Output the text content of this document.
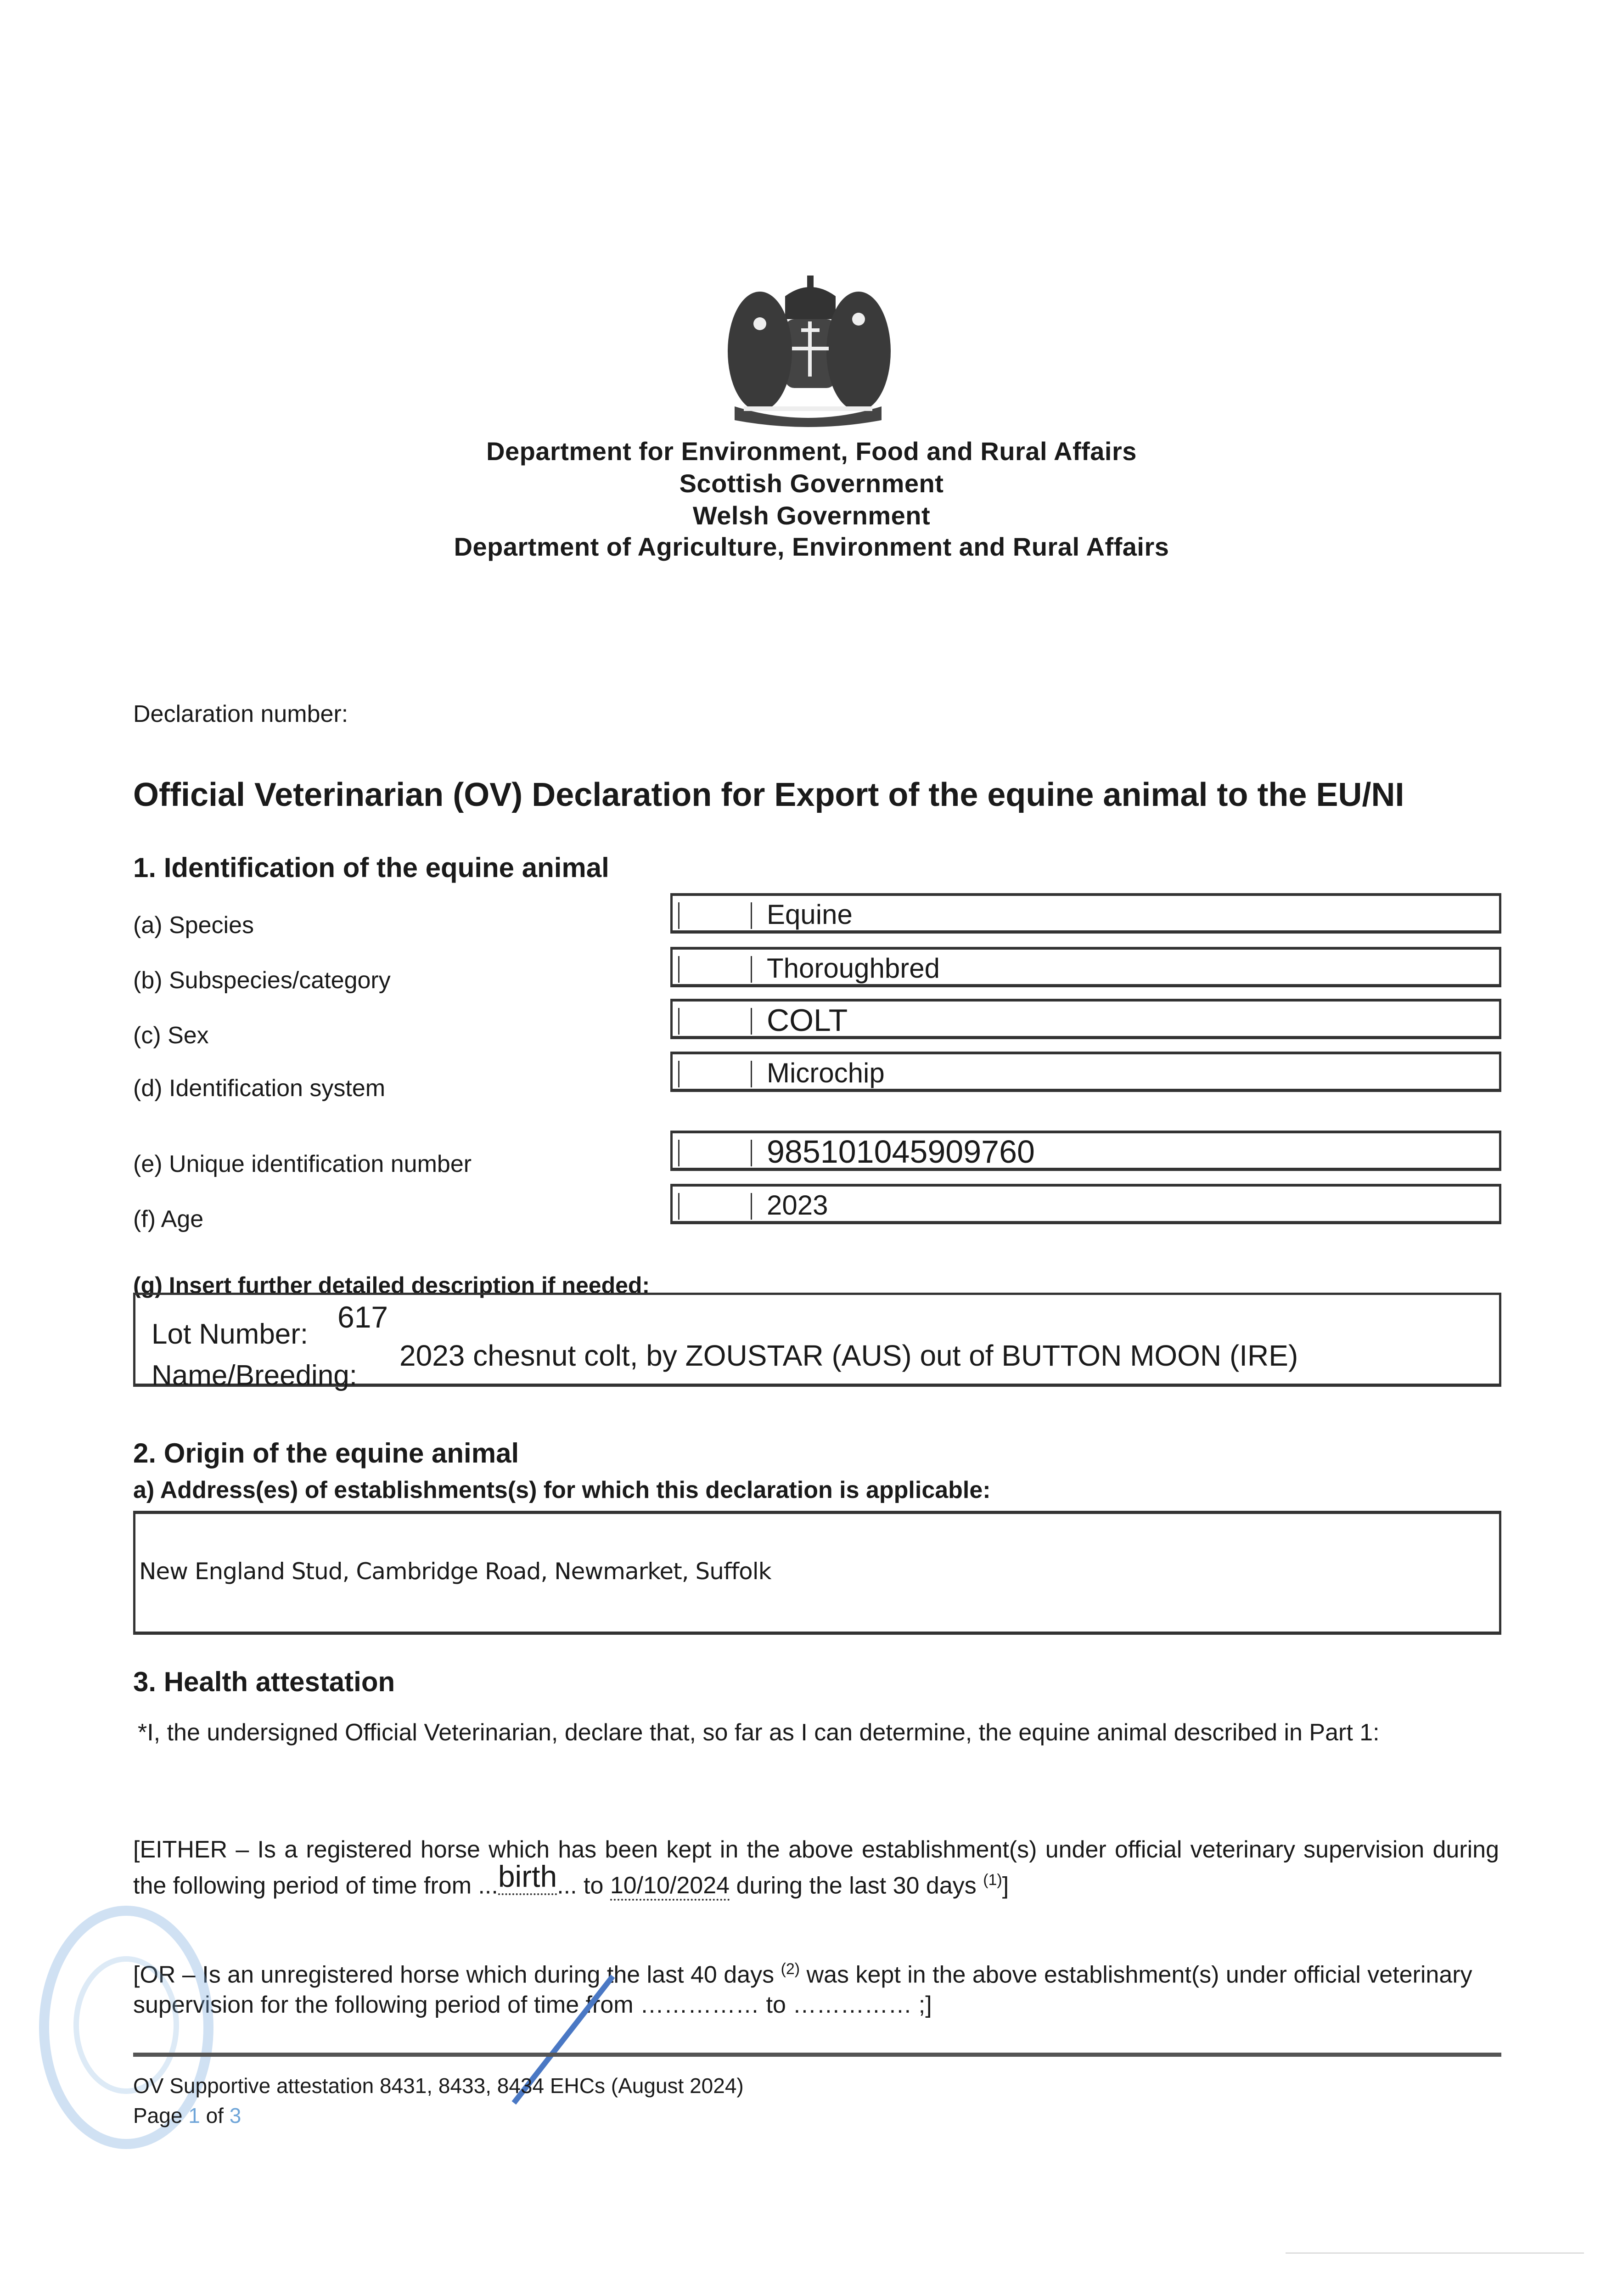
Department for Environment, Food and Rural Affairs
Scottish Government
Welsh Government
Department of Agriculture, Environment and Rural Affairs
Declaration number:
Official Veterinarian (OV) Declaration for Export of the equine animal to the EU/NI
1. Identification of the equine animal
(a) Species	Equine
(b) Subspecies/category	Thoroughbred
(c) Sex	COLT
(d) Identification system	Microchip
(e) Unique identification number	985101045909760
(f) Age	2023
(g) Insert further detailed description if needed:
Lot Number:
617
Name/Breeding:
2023 chesnut colt, by ZOUSTAR (AUS) out of BUTTON MOON (IRE)
2. Origin of the equine animal
a) Address(es) of establishments(s) for which this declaration is applicable:
New England Stud, Cambridge Road, Newmarket, Suffolk
3. Health attestation
*I, the undersigned Official Veterinarian, declare that, so far as I can determine, the equine animal described in Part 1:
[EITHER – Is a registered horse which has been kept in the above establishment(s) under official veterinary supervision during the following period of time from ...birth... to 10/10/2024 during the last 30 days $^{(1)}$]
[OR – Is an unregistered horse which during the last 40 days $^{(2)}$ was kept in the above establishment(s) under official veterinary supervision for the following period of time from …………… to …………… ;]
OV Supportive attestation 8431, 8433, 8434 EHCs (August 2024)
Page 1 of 3
